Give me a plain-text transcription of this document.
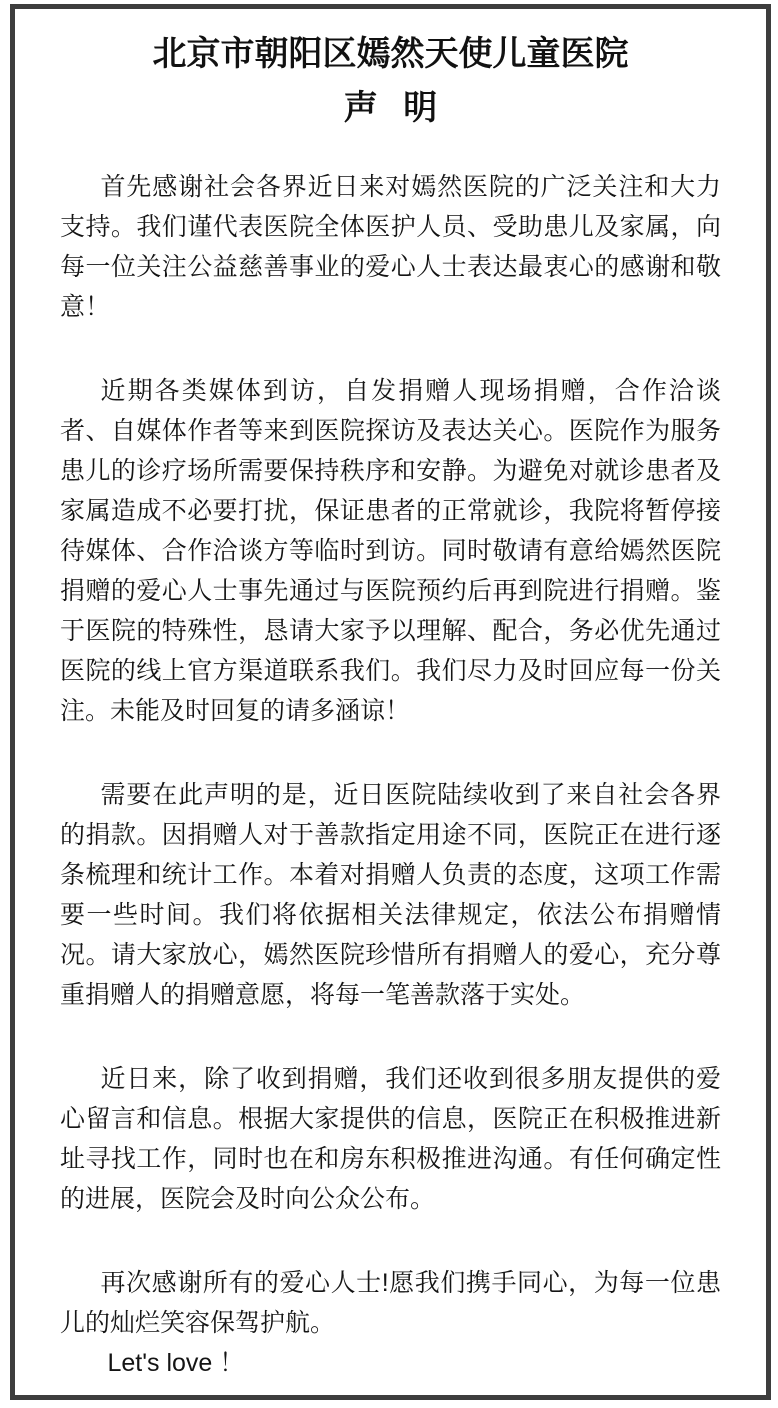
北京市朝阳区嫣然天使儿童医院
声 明

首先感谢社会各界近日来对嫣然医院的广泛关注和大力支持。我们谨代表医院全体医护人员、受助患儿及家属，向每一位关注公益慈善事业的爱心人士表达最衷心的感谢和敬意！

近期各类媒体到访，自发捐赠人现场捐赠，合作洽谈者、自媒体作者等来到医院探访及表达关心。医院作为服务患儿的诊疗场所需要保持秩序和安静。为避免对就诊患者及家属造成不必要打扰，保证患者的正常就诊，我院将暂停接待媒体、合作洽谈方等临时到访。同时敬请有意给嫣然医院捐赠的爱心人士事先通过与医院预约后再到院进行捐赠。鉴于医院的特殊性，恳请大家予以理解、配合，务必优先通过医院的线上官方渠道联系我们。我们尽力及时回应每一份关注。未能及时回复的请多涵谅！

需要在此声明的是，近日医院陆续收到了来自社会各界的捐款。因捐赠人对于善款指定用途不同，医院正在进行逐条梳理和统计工作。本着对捐赠人负责的态度，这项工作需要一些时间。我们将依据相关法律规定，依法公布捐赠情况。请大家放心，嫣然医院珍惜所有捐赠人的爱心，充分尊重捐赠人的捐赠意愿，将每一笔善款落于实处。

近日来，除了收到捐赠，我们还收到很多朋友提供的爱心留言和信息。根据大家提供的信息，医院正在积极推进新址寻找工作，同时也在和房东积极推进沟通。有任何确定性的进展，医院会及时向公众公布。

再次感谢所有的爱心人士!愿我们携手同心，为每一位患儿的灿烂笑容保驾护航。

Let's love ！
